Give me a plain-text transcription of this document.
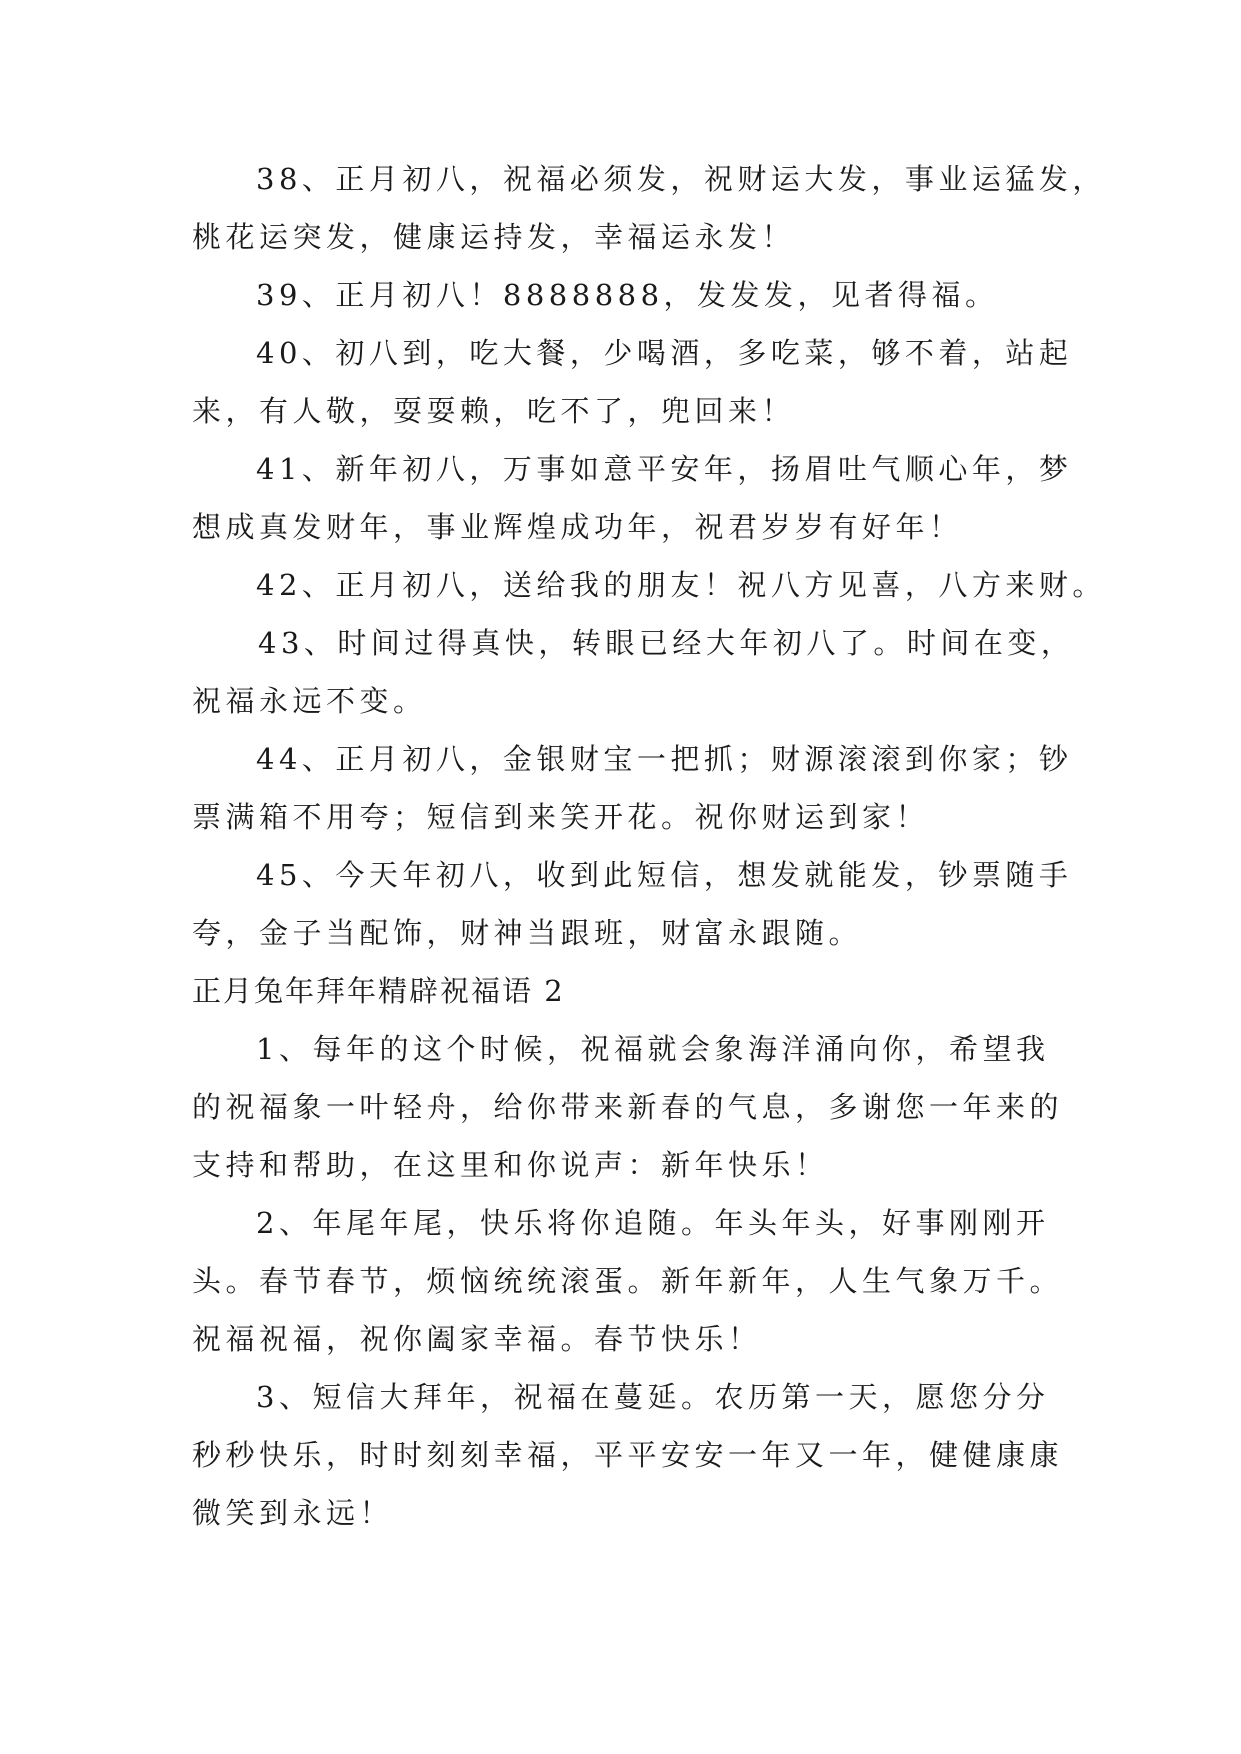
38、正月初八，祝福必须发，祝财运大发，事业运猛发，
桃花运突发，健康运持发，幸福运永发！
39、正月初八！8888888，发发发，见者得福。
40、初八到，吃大餐，少喝酒，多吃菜，够不着，站起
来，有人敬，耍耍赖，吃不了，兜回来！
41、新年初八，万事如意平安年，扬眉吐气顺心年，梦
想成真发财年，事业辉煌成功年，祝君岁岁有好年！
42、正月初八，送给我的朋友！祝八方见喜，八方来财。
43、时间过得真快，转眼已经大年初八了。时间在变，
祝福永远不变。
44、正月初八，金银财宝一把抓；财源滚滚到你家；钞
票满箱不用夸；短信到来笑开花。祝你财运到家！
45、今天年初八，收到此短信，想发就能发，钞票随手
夸，金子当配饰，财神当跟班，财富永跟随。
正月兔年拜年精辟祝福语 2
1、每年的这个时候，祝福就会象海洋涌向你，希望我
的祝福象一叶轻舟，给你带来新春的气息，多谢您一年来的
支持和帮助，在这里和你说声：新年快乐！
2、年尾年尾，快乐将你追随。年头年头，好事刚刚开
头。春节春节，烦恼统统滚蛋。新年新年，人生气象万千。
祝福祝福，祝你阖家幸福。春节快乐！
3、短信大拜年，祝福在蔓延。农历第一天，愿您分分
秒秒快乐，时时刻刻幸福，平平安安一年又一年，健健康康
微笑到永远！
